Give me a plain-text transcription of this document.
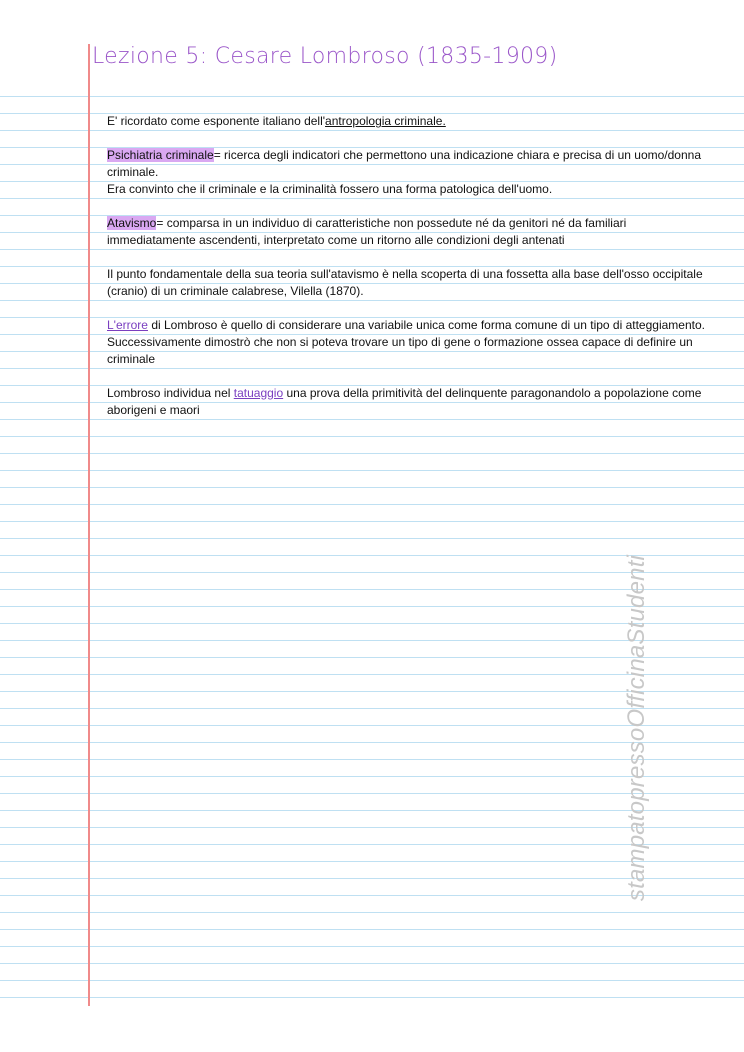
Lezione 5: Cesare Lombroso (1835-1909)

E' ricordato come esponente italiano dell'antropologia criminale.

Psichiatria criminale= ricerca degli indicatori che permettono una indicazione chiara e precisa di un uomo/donna criminale.
Era convinto che il criminale e la criminalità fossero una forma patologica dell'uomo.

Atavismo= comparsa in un individuo di caratteristiche non possedute né da genitori né da familiari immediatamente ascendenti, interpretato come un ritorno alle condizioni degli antenati

Il punto fondamentale della sua teoria sull'atavismo è nella scoperta di una fossetta alla base dell'osso occipitale (cranio) di un criminale calabrese, Vilella (1870).

L'errore di Lombroso è quello di considerare una variabile unica come forma comune di un tipo di atteggiamento. Successivamente dimostrò che non si poteva trovare un tipo di gene o formazione ossea capace di definire un criminale

Lombroso individua nel tatuaggio una prova della primitività del delinquente paragonandolo a popolazione come aborigeni e maori

stampatopressoOfficinaStudenti
